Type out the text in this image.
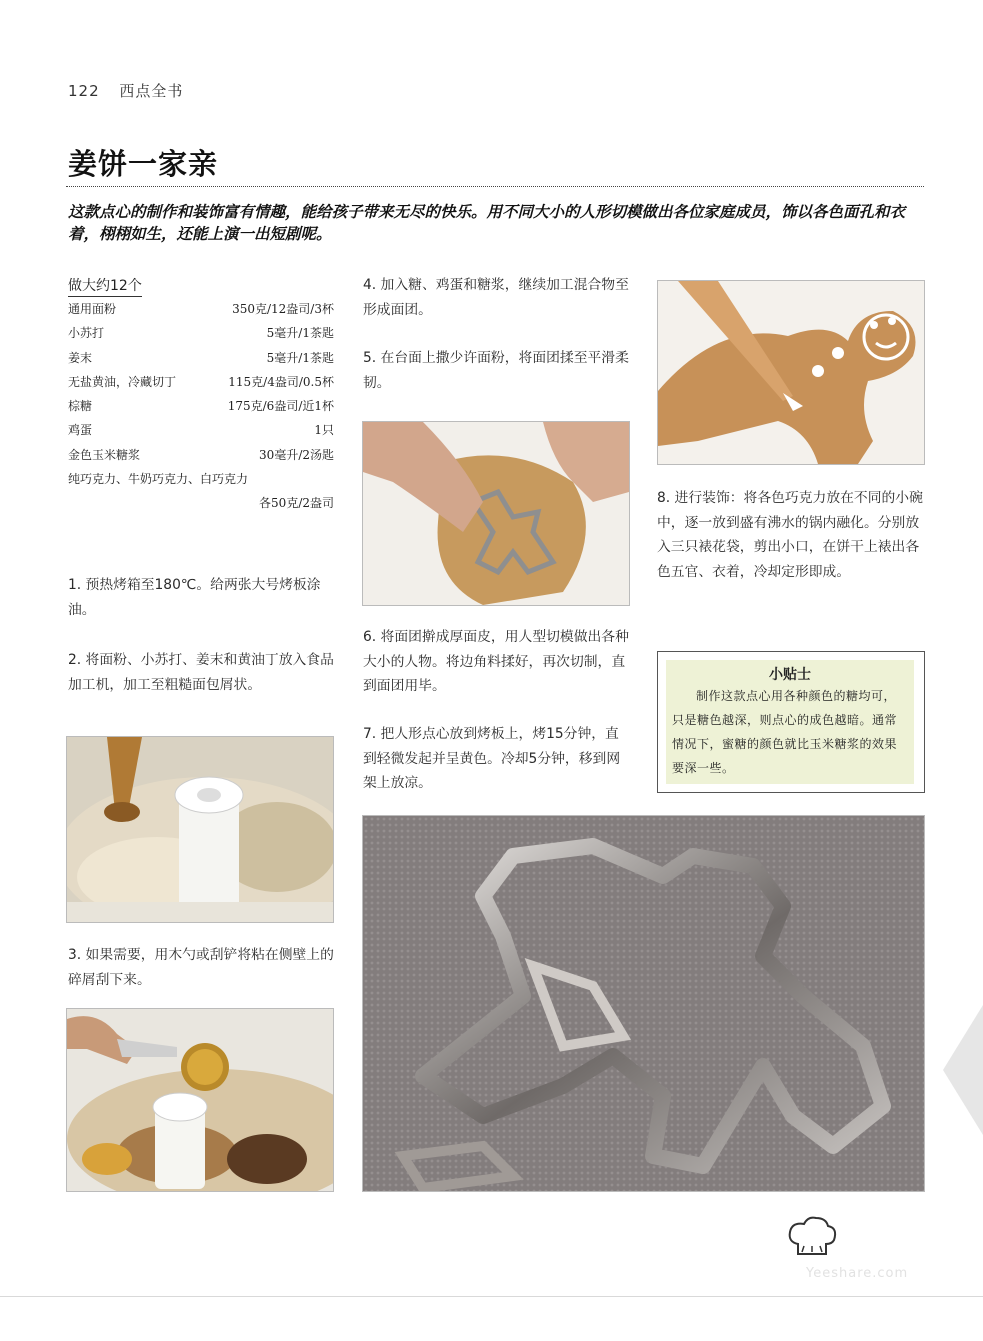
122 西点全书
姜饼一家亲
这款点心的制作和装饰富有情趣，能给孩子带来无尽的快乐。用不同大小的人形切模做出各位家庭成员，饰以各色面孔和衣着，栩栩如生，还能上演一出短剧呢。
做大约12个
通用面粉	350克/12盎司/3杯
小苏打	5毫升/1茶匙
姜末	5毫升/1茶匙
无盐黄油，冷藏切丁	115克/4盎司/0.5杯
棕糖	175克/6盎司/近1杯
鸡蛋	1只
金色玉米糖浆	30毫升/2汤匙
纯巧克力、牛奶巧克力、白巧克力
各50克/2盎司
1. 预热烤箱至180℃。给两张大号烤板涂油。
2. 将面粉、小苏打、姜末和黄油丁放入食品加工机，加工至粗糙面包屑状。
3. 如果需要，用木勺或刮铲将粘在侧壁上的碎屑刮下来。
4. 加入糖、鸡蛋和糖浆，继续加工混合物至形成面团。
5. 在台面上撒少许面粉，将面团揉至平滑柔韧。
6. 将面团擀成厚面皮，用人型切模做出各种大小的人物。将边角料揉好，再次切制，直到面团用毕。
7. 把人形点心放到烤板上，烤15分钟，直到轻微发起并呈黄色。冷却5分钟，移到网架上放凉。
8. 进行装饰：将各色巧克力放在不同的小碗中，逐一放到盛有沸水的锅内融化。分别放入三只裱花袋，剪出小口，在饼干上裱出各色五官、衣着，冷却定形即成。
小贴士
制作这款点心用各种颜色的糖均可，只是糖色越深，则点心的成色越暗。通常情况下，蜜糖的颜色就比玉米糖浆的效果要深一些。
Yeeshare.com
